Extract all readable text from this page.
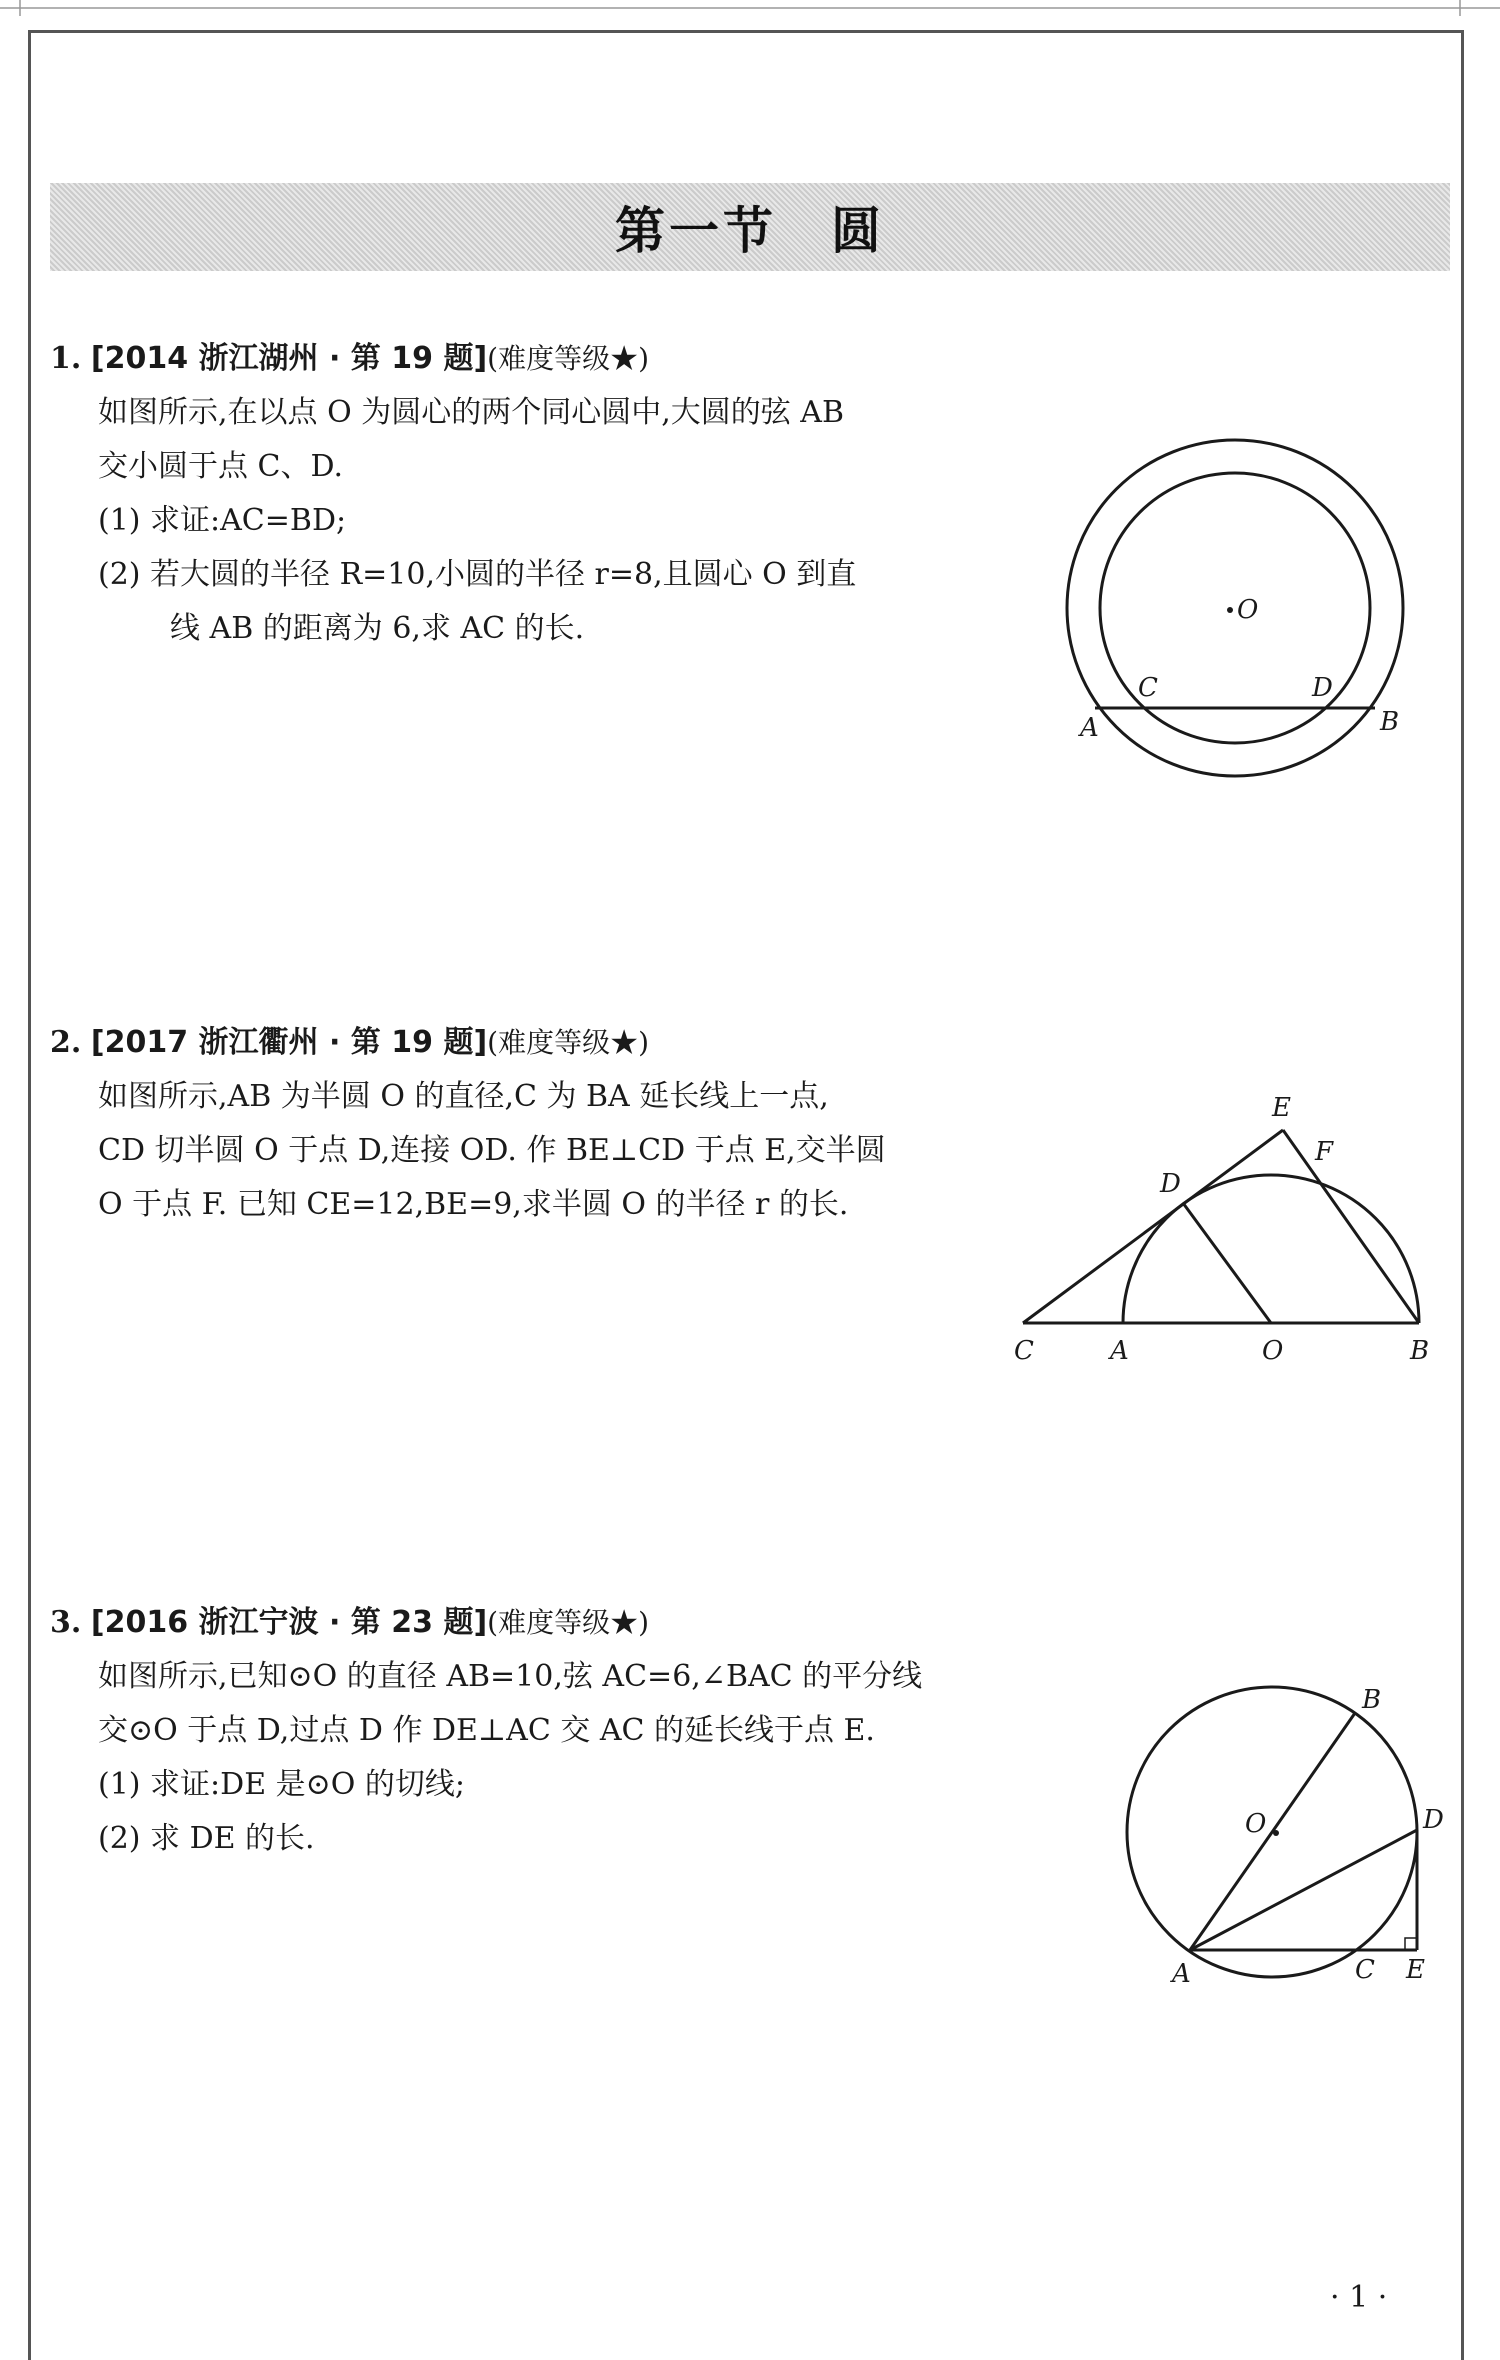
第一节　圆
1. [2014 浙江湖州 · 第 19 题](难度等级★)
如图所示,在以点 O 为圆心的两个同心圆中,大圆的弦 AB
交小圆于点 C、D.
(1) 求证:AC=BD;
(2) 若大圆的半径 R=10,小圆的半径 r=8,且圆心 O 到直
线 AB 的距离为 6,求 AC 的长.
O
C	D
A	B
2. [2017 浙江衢州 · 第 19 题](难度等级★)
如图所示,AB 为半圆 O 的直径,C 为 BA 延长线上一点,
CD 切半圆 O 于点 D,连接 OD. 作 BE⊥CD 于点 E,交半圆
O 于点 F. 已知 CE=12,BE=9,求半圆 O 的半径 r 的长.
E
F
D
C	A	O	B
3. [2016 浙江宁波 · 第 23 题](难度等级★)
如图所示,已知⊙O 的直径 AB=10,弦 AC=6,∠BAC 的平分线
交⊙O 于点 D,过点 D 作 DE⊥AC 交 AC 的延长线于点 E.
(1) 求证:DE 是⊙O 的切线;
(2) 求 DE 的长.
B
O	D
A	C E
· 1 ·
